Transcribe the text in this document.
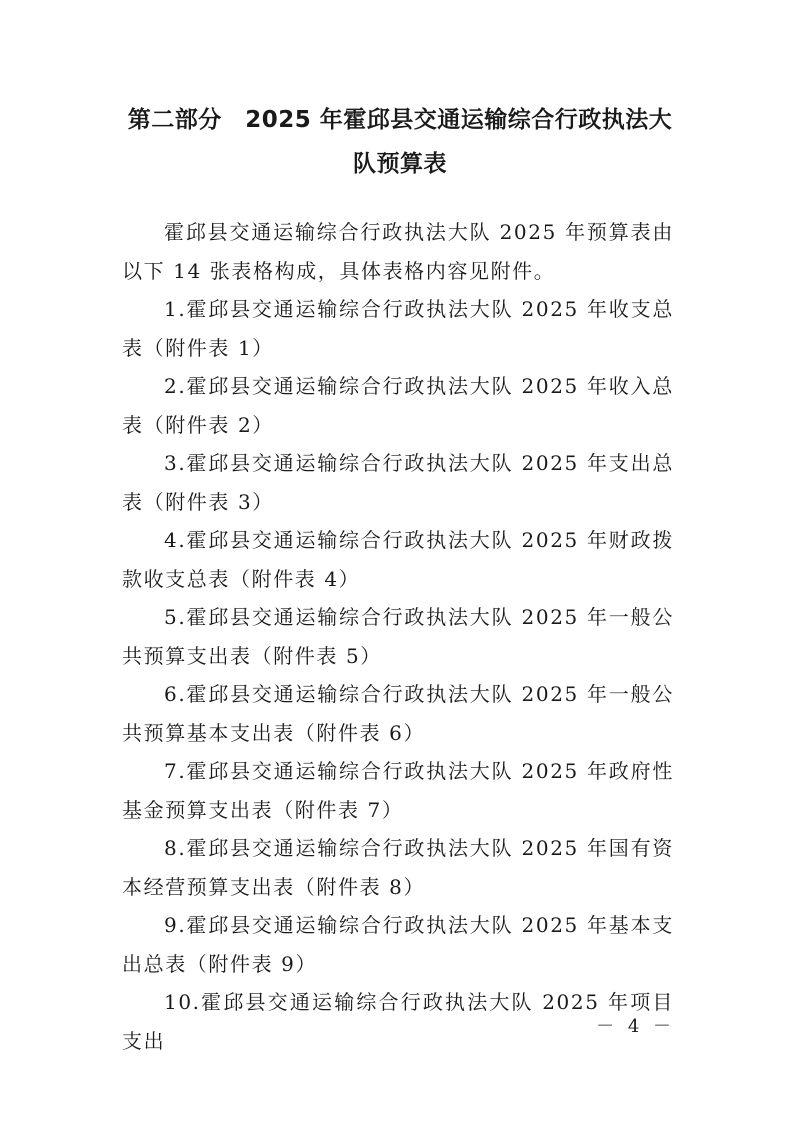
第二部分　2025 年霍邱县交通运输综合行政执法大
队预算表

霍邱县交通运输综合行政执法大队 2025 年预算表由以下 14 张表格构成，具体表格内容见附件。

1.霍邱县交通运输综合行政执法大队 2025 年收支总表（附件表 1）

2.霍邱县交通运输综合行政执法大队 2025 年收入总表（附件表 2）

3.霍邱县交通运输综合行政执法大队 2025 年支出总表（附件表 3）

4.霍邱县交通运输综合行政执法大队 2025 年财政拨款收支总表（附件表 4）

5.霍邱县交通运输综合行政执法大队 2025 年一般公共预算支出表（附件表 5）

6.霍邱县交通运输综合行政执法大队 2025 年一般公共预算基本支出表（附件表 6）

7.霍邱县交通运输综合行政执法大队 2025 年政府性基金预算支出表（附件表 7）

8.霍邱县交通运输综合行政执法大队 2025 年国有资本经营预算支出表（附件表 8）

9.霍邱县交通运输综合行政执法大队 2025 年基本支出总表（附件表 9）

10.霍邱县交通运输综合行政执法大队 2025 年项目支出

－ 4 －
